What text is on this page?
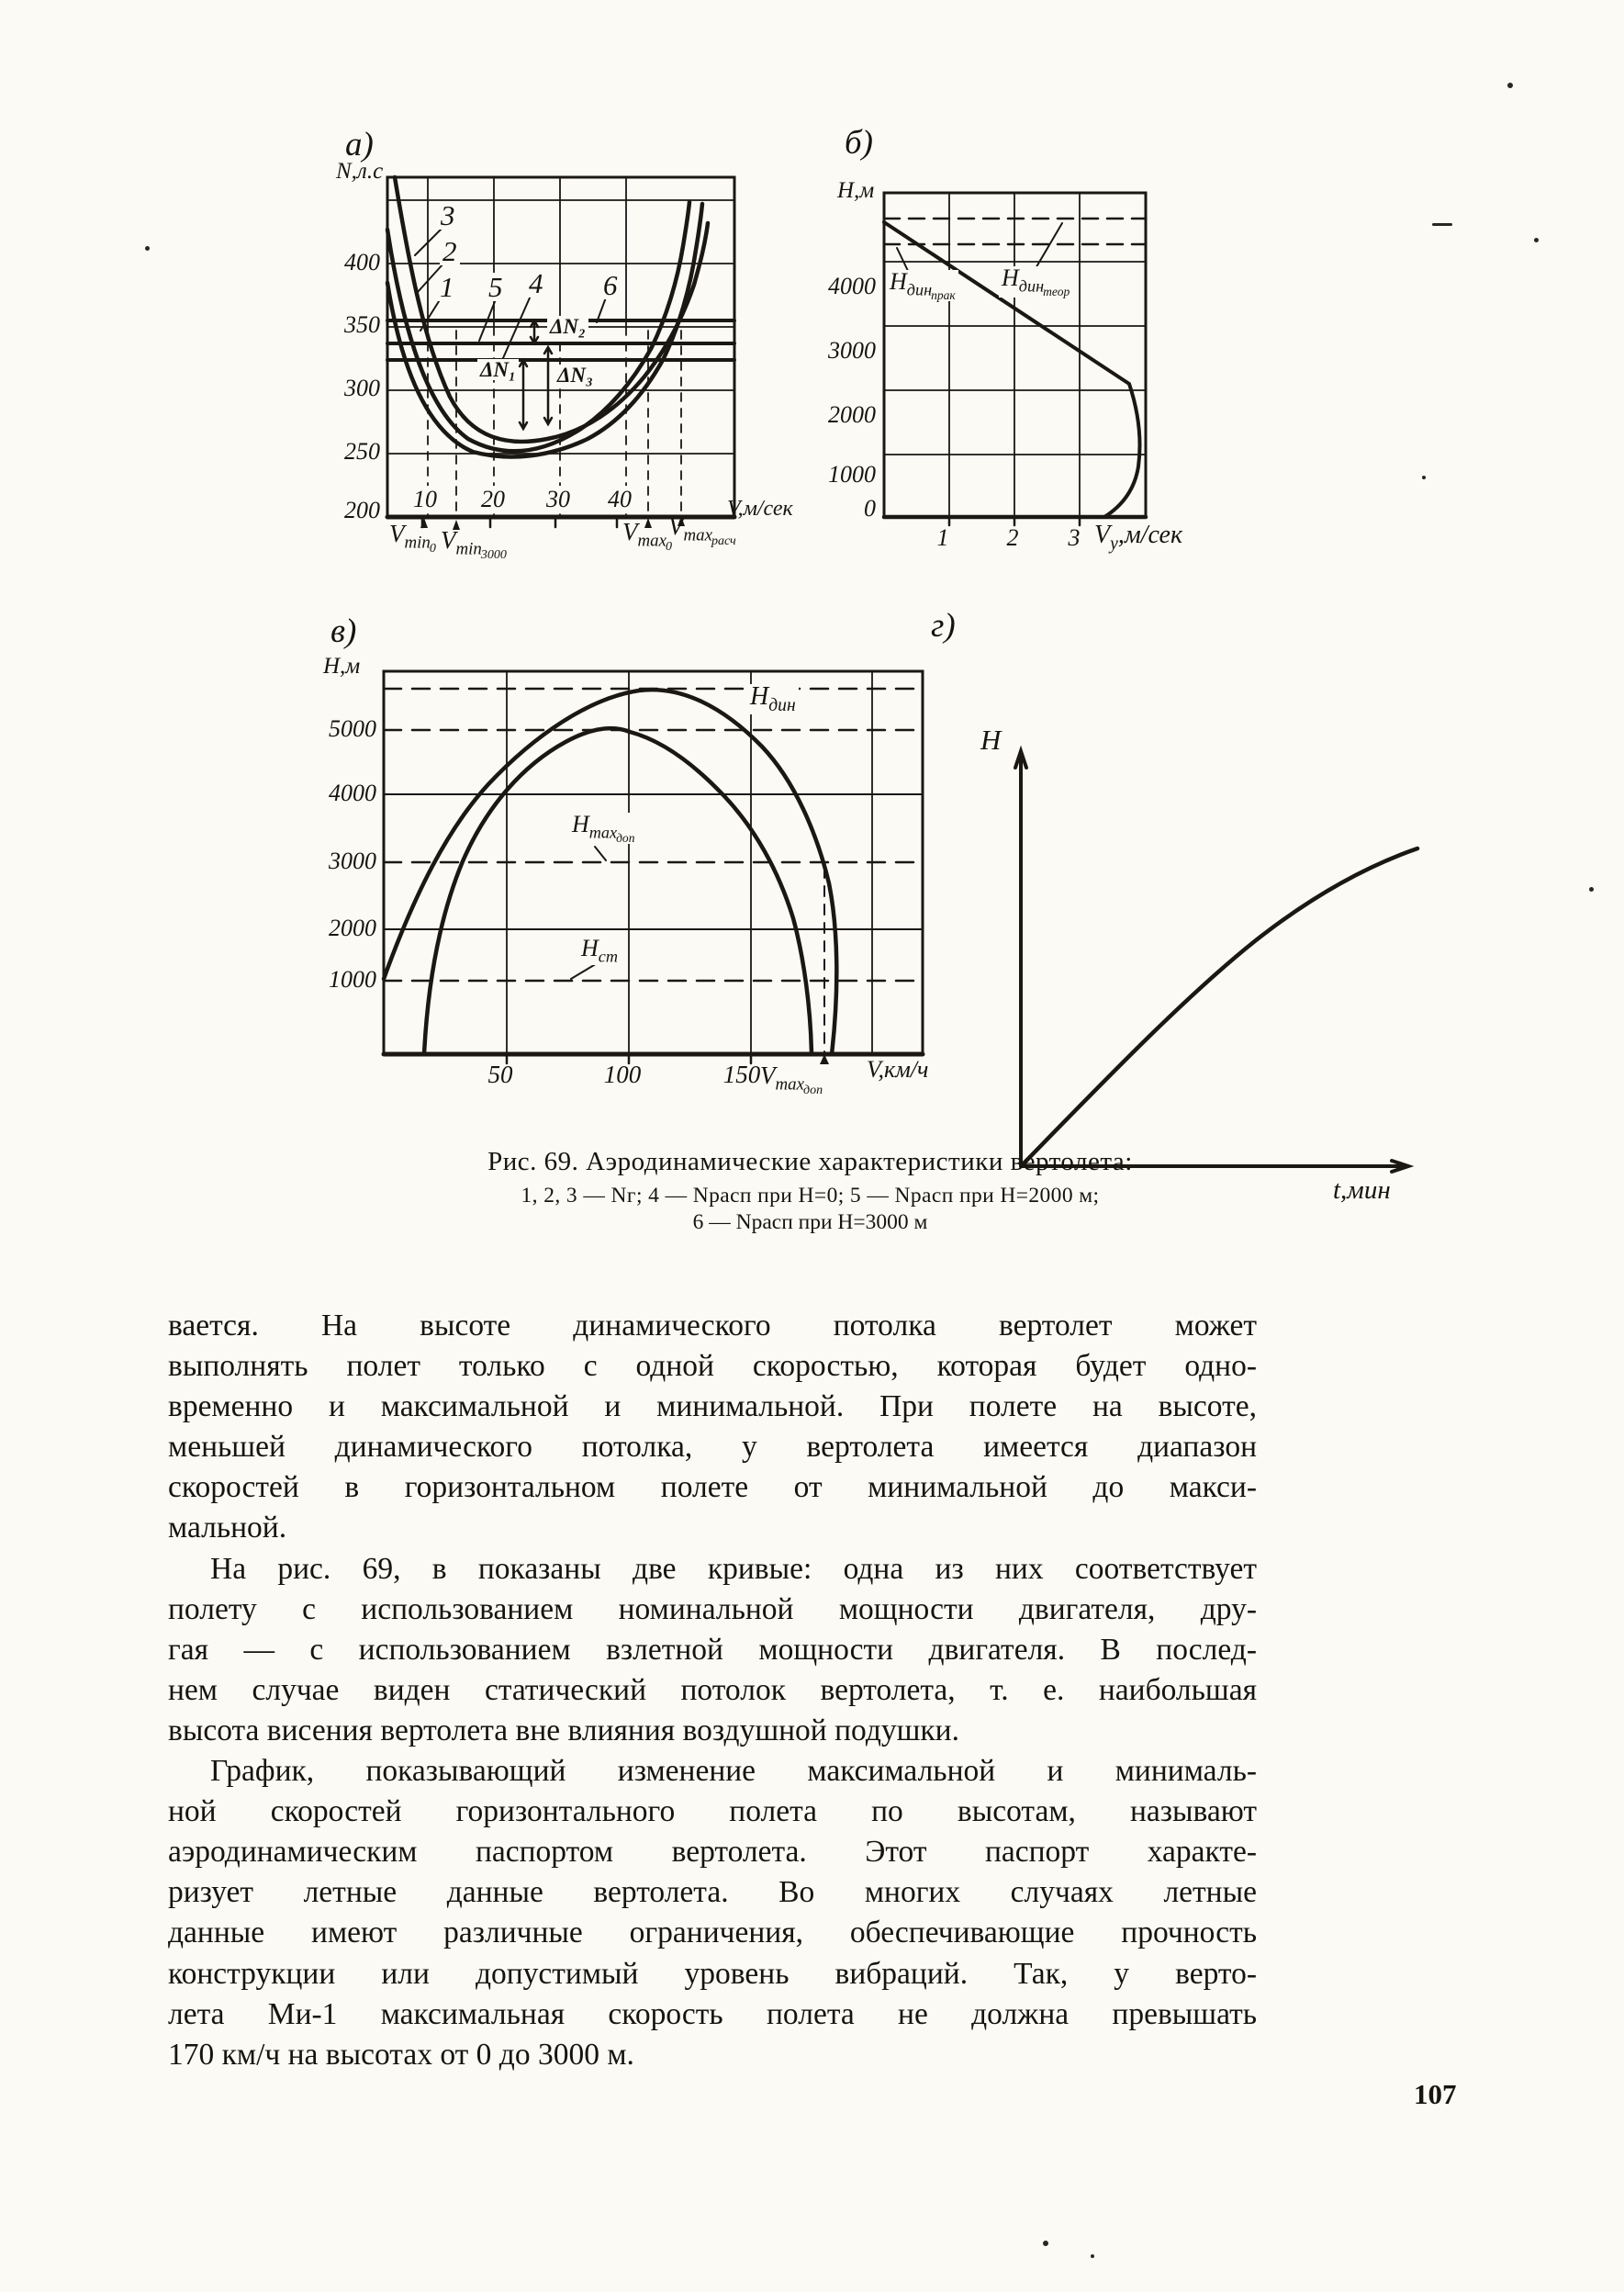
а)
N,л.с
400
350
300
250
200	10	20	30	40	V,м/сек
3
2
1 5 4 6
ΔN₂
ΔN₁ ΔN₃
$V_{min0}$ $V_{min3000}$
$V_{max0}$
$V_{maxрасч}$
б)
Н,м
4000
3000
2000
1000
0
1	2	3 $V_у,м$/сек
$Н_{динпрак}$
$Н_{динтеор}$
в)
Н,м
5000
4000
3000
2000
1000
50	100	150 $V_{maxдоп}$
V,км/ч
$Н_{дин}$
$Н_{maxдоп}$
$Н_{ст}$
г)
Н
t,мин
Рис. 69. Аэродинамические характеристики вертолета:
1, 2, 3 — Nг; 4 — Nрасп при Н=0; 5 — Nрасп при Н=2000 м;
6 — Nрасп при Н=3000 м
вается. На высоте динамического потолка вертолет может
выполнять полет только с одной скоростью, которая будет одно-
временно и максимальной и минимальной. При полете на высоте,
меньшей динамического потолка, у вертолета имеется диапазон
скоростей в горизонтальном полете от минимальной до макси-
мальной.
На рис. 69, в показаны две кривые: одна из них соответствует
полету с использованием номинальной мощности двигателя, дру-
гая — с использованием взлетной мощности двигателя. В послед-
нем случае виден статический потолок вертолета, т. е. наибольшая
высота висения вертолета вне влияния воздушной подушки.
График, показывающий изменение максимальной и минималь-
ной скоростей горизонтального полета по высотам, называют
аэродинамическим паспортом вертолета. Этот паспорт характе-
ризует летные данные вертолета. Во многих случаях летные
данные имеют различные ограничения, обеспечивающие прочность
конструкции или допустимый уровень вибраций. Так, у верто-
лета Ми-1 максимальная скорость полета не должна превышать
170 км/ч на высотах от 0 до 3000 м.
107
